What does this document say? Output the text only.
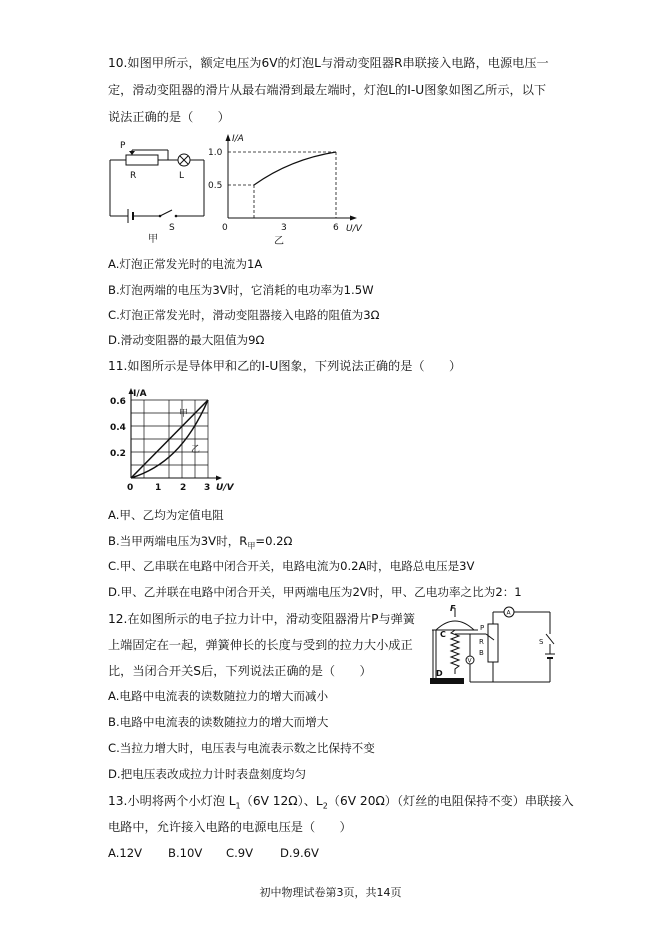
10.如图甲所示，额定电压为6V的灯泡L与滑动变阻器R串联接入电路，电源电压一
定，滑动变阻器的滑片从最右端滑到最左端时，灯泡L的I-U图象如图乙所示，以下
说法正确的是（　　）
P
R	L
S
甲
I/A
1.0
0.5
0	3	6 U/V
乙
A.灯泡正常发光时的电流为1A
B.灯泡两端的电压为3V时，它消耗的电功率为1.5W
C.灯泡正常发光时，滑动变阻器接入电路的阻值为3Ω
D.滑动变阻器的最大阻值为9Ω
11.如图所示是导体甲和乙的I-U图象，下列说法正确的是（　　）
I/A
0.6
0.4
0.2
0 1 2 3 U/V
甲
乙
A.甲、乙均为定值电阻
B.当甲两端电压为3V时，$R_甲=0.2\Omega$
C.甲、乙串联在电路中闭合开关，电路电流为0.2A时，电路总电压是3V
D.甲、乙并联在电路中闭合开关，甲两端电压为2V时，甲、乙电功率之比为2：1
12.在如图所示的电子拉力计中，滑动变阻器滑片P与弹簧
上端固定在一起，弹簧伸长的长度与受到的拉力大小成正
比，当闭合开关S后，下列说法正确的是（　　）
F
C
D
P
R
B
S
A
V
A.电路中电流表的读数随拉力的增大而减小
B.电路中电流表的读数随拉力的增大而增大
C.当拉力增大时，电压表与电流表示数之比保持不变
D.把电压表改成拉力计时表盘刻度均匀
13.小明将两个小灯泡 $L_1(6V$ 12Ω）、$L_2(6V$ 20Ω）（灯丝的电阻保持不变）串联接入
电路中，允许接入电路的电源电压是（　　）
A.12V B.10V C.9V D.9.6V
初中物理试卷第3页，共14页
